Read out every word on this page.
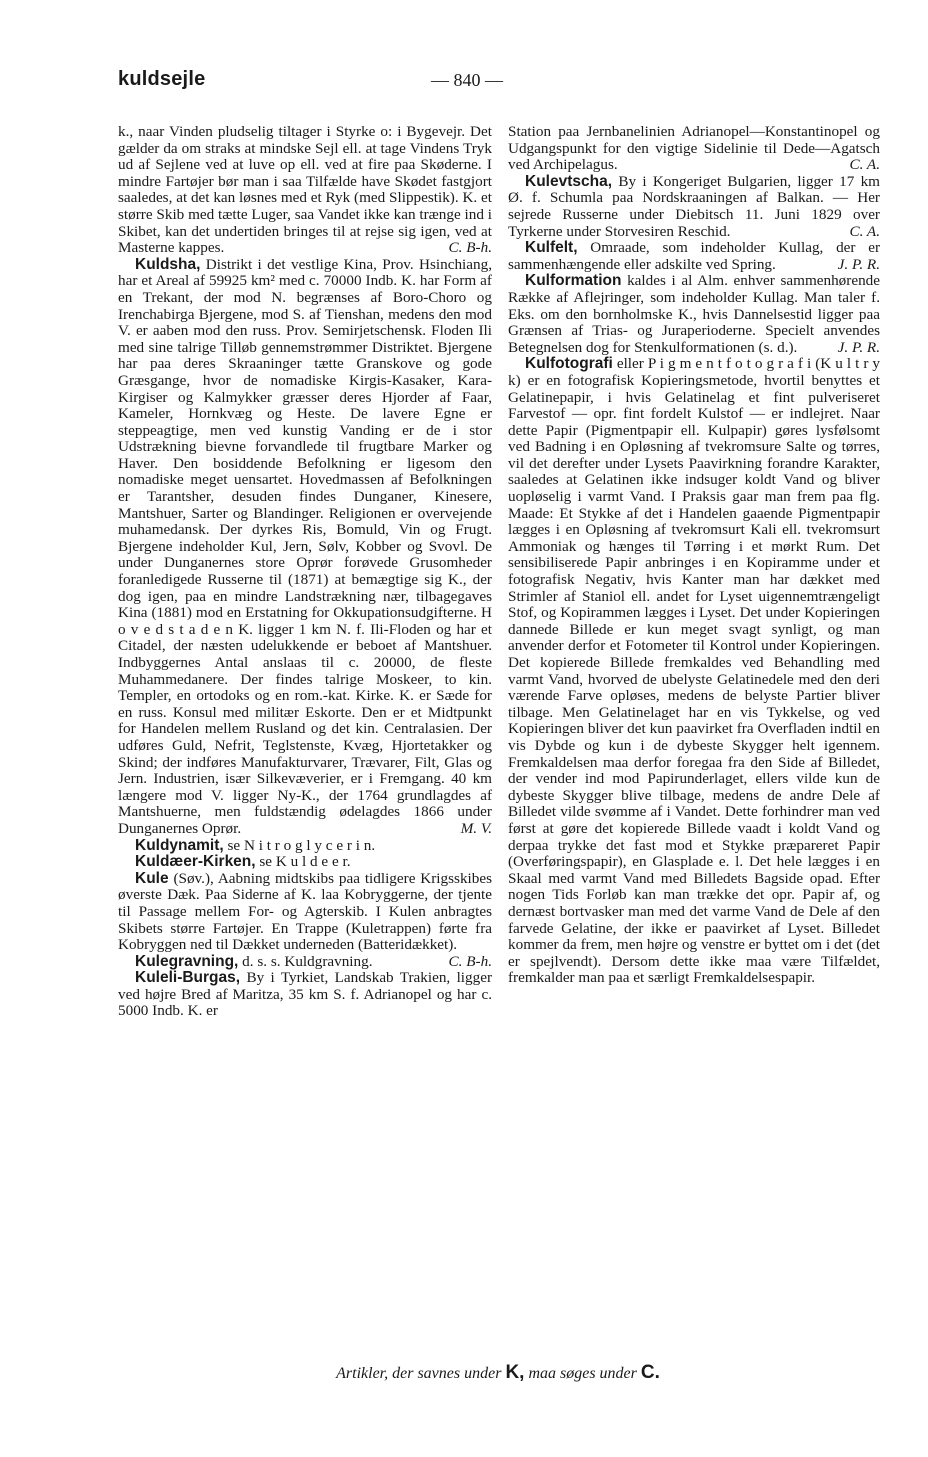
kuldsejle	— 840 —

k., naar Vinden pludselig tiltager i Styrke o: i Bygevejr. Det gælder da om straks at mindske Sejl ell. at tage Vindens Tryk ud af Sejlene ved at luve op ell. ved at fire paa Skøderne. I mindre Fartøjer bør man i saa Tilfælde have Skødet fastgjort saaledes, at det kan løsnes med et Ryk (med Slippestik). K. et større Skib med tætte Luger, saa Vandet ikke kan trænge ind i Skibet, kan det undertiden bringes til at rejse sig igen, ved at Masterne kappes.	C. B-h.

Kuldsha, Distrikt i det vestlige Kina, Prov. Hsinchiang, har et Areal af 59925 km² med c. 70000 Indb. K. har Form af en Trekant, der mod N. begrænses af Boro-Choro og Irenchabirga Bjergene, mod S. af Tienshan, medens den mod V. er aaben mod den russ. Prov. Semirjetschensk. Floden Ili med sine talrige Tilløb gennemstrømmer Distriktet. Bjergene har paa deres Skraaninger tætte Granskove og gode Græsgange, hvor de nomadiske Kirgis-Kasaker, Kara-Kirgiser og Kalmykker græsser deres Hjorder af Faar, Kameler, Hornkvæg og Heste. De lavere Egne er steppeagtige, men ved kunstig Vanding er de i stor Udstrækning bievne forvandlede til frugtbare Marker og Haver. Den bosiddende Befolkning er ligesom den nomadiske meget uensartet. Hovedmassen af Befolkningen er Tarantsher, desuden findes Dunganer, Kinesere, Mantshuer, Sarter og Blandinger. Religionen er overvejende muhamedansk. Der dyrkes Ris, Bomuld, Vin og Frugt. Bjergene indeholder Kul, Jern, Sølv, Kobber og Svovl. De under Dunganernes store Oprør forøvede Grusomheder foranledigede Russerne til (1871) at bemægtige sig K., der dog igen, paa en mindre Landstrækning nær, tilbagegaves Kina (1881) mod en Erstatning for Okkupationsudgifterne. H o v e d s t a d e n K. ligger 1 km N. f. Ili-Floden og har et Citadel, der næsten udelukkende er beboet af Mantshuer. Indbyggernes Antal anslaas til c. 20000, de fleste Muhammedanere. Der findes talrige Moskeer, to kin. Templer, en ortodoks og en rom.-kat. Kirke. K. er Sæde for en russ. Konsul med militær Eskorte. Den er et Midtpunkt for Handelen mellem Rusland og det kin. Centralasien. Der udføres Guld, Nefrit, Teglstenste, Kvæg, Hjortetakker og Skind; der indføres Manufakturvarer, Trævarer, Filt, Glas og Jern. Industrien, især Silkevæverier, er i Fremgang. 40 km længere mod V. ligger Ny-K., der 1764 grundlagdes af Mantshuerne, men fuldstændig ødelagdes 1866 under Dunganernes Oprør.	M. V.

Kuldynamit, se N i t r o g l y c e r i n.

Kuldæer-Kirken, se K u l d e e r.

Kule (Søv.), Aabning midtskibs paa tidligere Krigsskibes øverste Dæk. Paa Siderne af K. laa Kobryggerne, der tjente til Passage mellem For- og Agterskib. I Kulen anbragtes Skibets større Fartøjer. En Trappe (Kuletrappen) førte fra Kobryggen ned til Dækket underneden (Batteridækket).
C. B-h.

Kulegravning, d. s. s. Kuldgravning.

Kuleli-Burgas, By i Tyrkiet, Landskab Trakien, ligger ved højre Bred af Maritza, 35 km S. f. Adrianopel og har c. 5000 Indb. K. er

Station paa Jernbanelinien Adrianopel—Konstantinopel og Udgangspunkt for den vigtige Sidelinie til Dede—Agatsch ved Archipelagus.	C. A.

Kulevtscha, By i Kongeriget Bulgarien, ligger 17 km Ø. f. Schumla paa Nordskraaningen af Balkan. — Her sejrede Russerne under Diebitsch 11. Juni 1829 over Tyrkerne under Storvesiren Reschid.	C. A.

Kulfelt, Omraade, som indeholder Kullag, der er sammenhængende eller adskilte ved Spring.	J. P. R.

Kulformation kaldes i al Alm. enhver sammenhørende Række af Aflejringer, som indeholder Kullag. Man taler f. Eks. om den bornholmske K., hvis Dannelsestid ligger paa Grænsen af Trias- og Juraperioderne. Specielt anvendes Betegnelsen dog for Stenkulformationen (s. d.).	J. P. R.

Kulfotografi eller P i g m e n t f o t o g r a f i (K u l t r y k) er en fotografisk Kopieringsmetode, hvortil benyttes et Gelatinepapir, i hvis Gelatinelag et fint pulveriseret Farvestof — opr. fint fordelt Kulstof — er indlejret. Naar dette Papir (Pigmentpapir ell. Kulpapir) gøres lysfølsomt ved Badning i en Opløsning af tvekromsure Salte og tørres, vil det derefter under Lysets Paavirkning forandre Karakter, saaledes at Gelatinen ikke indsuger koldt Vand og bliver uopløselig i varmt Vand. I Praksis gaar man frem paa flg. Maade: Et Stykke af det i Handelen gaaende Pigmentpapir lægges i en Opløsning af tvekromsurt Kali ell. tvekromsurt Ammoniak og hænges til Tørring i et mørkt Rum. Det sensibiliserede Papir anbringes i en Kopiramme under et fotografisk Negativ, hvis Kanter man har dækket med Strimler af Staniol ell. andet for Lyset uigennemtrængeligt Stof, og Kopirammen lægges i Lyset. Det under Kopieringen dannede Billede er kun meget svagt synligt, og man anvender derfor et Fotometer til Kontrol under Kopieringen. Det kopierede Billede fremkaldes ved Behandling med varmt Vand, hvorved de ubelyste Gelatinedele med den deri værende Farve opløses, medens de belyste Partier bliver tilbage. Men Gelatinelaget har en vis Tykkelse, og ved Kopieringen bliver det kun paavirket fra Overfladen indtil en vis Dybde og kun i de dybeste Skygger helt igennem. Fremkaldelsen maa derfor foregaa fra den Side af Billedet, der vender ind mod Papirunderlaget, ellers vilde kun de dybeste Skygger blive tilbage, medens de andre Dele af Billedet vilde svømme af i Vandet. Dette forhindrer man ved først at gøre det kopierede Billede vaadt i koldt Vand og derpaa trykke det fast mod et Stykke præpareret Papir (Overføringspapir), en Glasplade e. l. Det hele lægges i en Skaal med varmt Vand med Billedets Bagside opad. Efter nogen Tids Forløb kan man trække det opr. Papir af, og dernæst bortvasker man med det varme Vand de Dele af den farvede Gelatine, der ikke er paavirket af Lyset. Billedet kommer da frem, men højre og venstre er byttet om i det (det er spejlvendt). Dersom dette ikke maa være Tilfældet, fremkalder man paa et særligt Fremkaldelsespapir.

Artikler, der savnes under K, maa søges under C.
